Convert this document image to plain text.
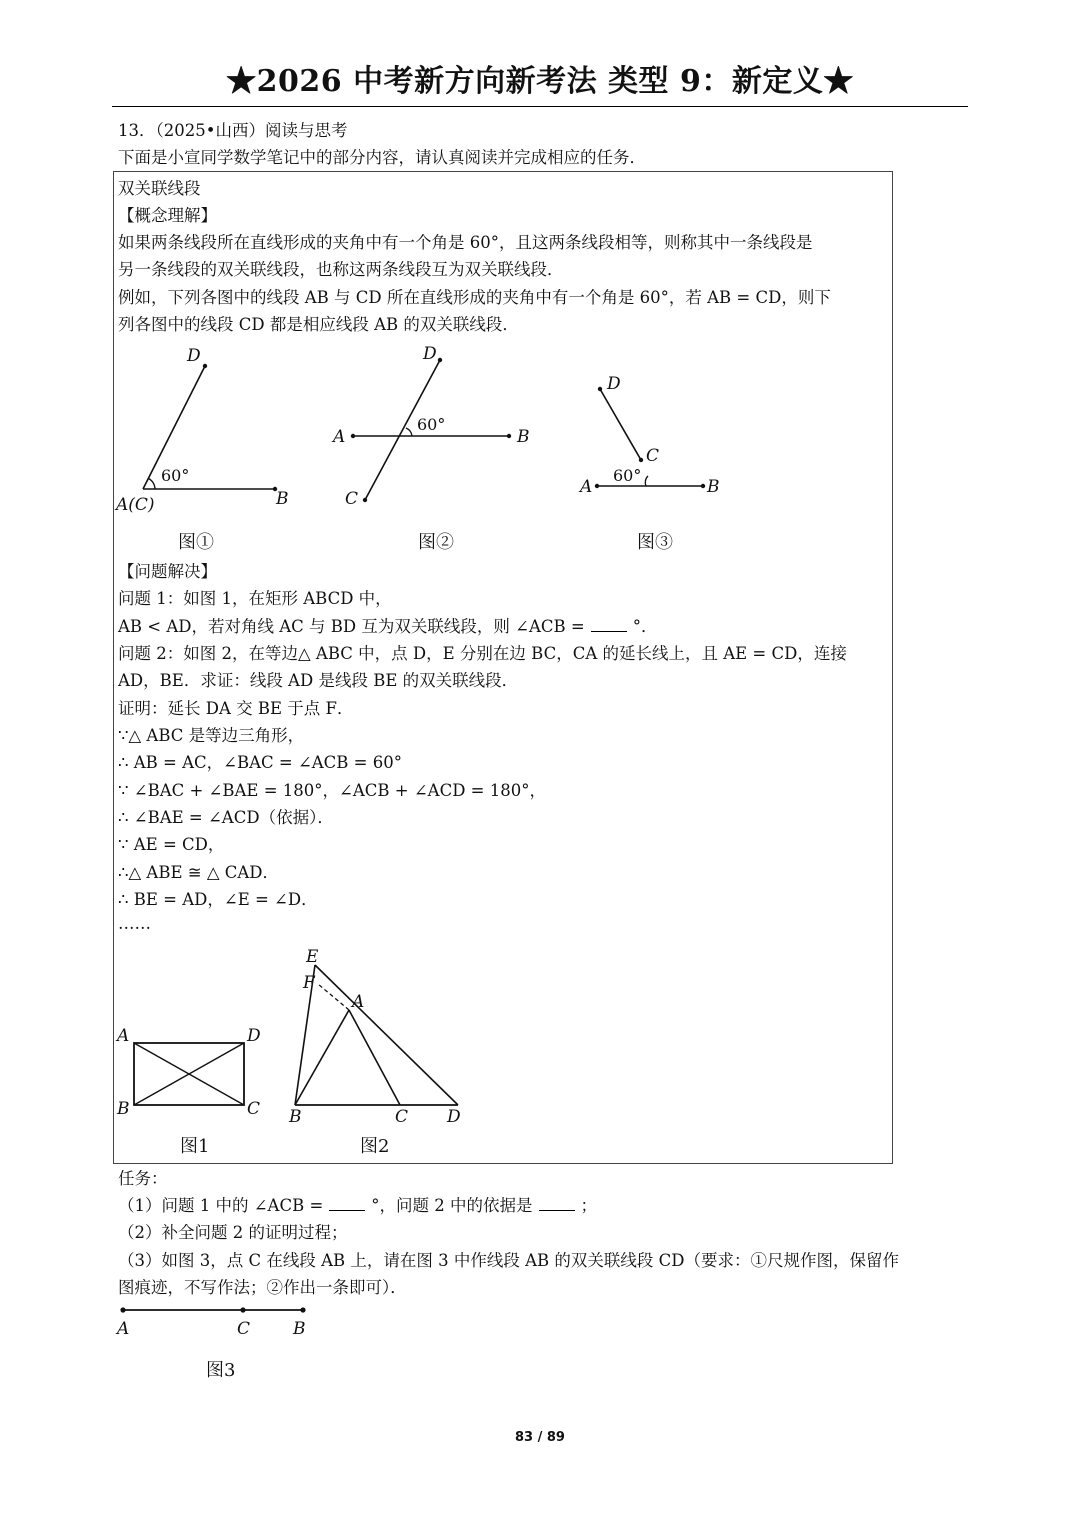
★2026 中考新方向新考法 类型 9：新定义★
13．（2025•山西）阅读与思考
下面是小宣同学数学笔记中的部分内容，请认真阅读并完成相应的任务．
双关联线段
【概念理解】
如果两条线段所在直线形成的夹角中有一个角是 60°，且这两条线段相等，则称其中一条线段是
另一条线段的双关联线段，也称这两条线段互为双关联线段．
例如，下列各图中的线段 AB 与 CD 所在直线形成的夹角中有一个角是 60°，若 AB = CD，则下
列各图中的线段 CD 都是相应线段 AB 的双关联线段．
D
60°
A(C)	B
D
60°
A	B
C
D
C
60°
A	B
图①	图②	图③
【问题解决】
问题 1：如图 1，在矩形 ABCD 中，
AB < AD，若对角线 AC 与 BD 互为双关联线段，则 ∠ACB =	°．
问题 2：如图 2，在等边△ ABC 中，点 D，E 分别在边 BC，CA 的延长线上，且 AE = CD，连接
AD，BE．求证：线段 AD 是线段 BE 的双关联线段．
证明：延长 DA 交 BE 于点 F．
∵△ ABC 是等边三角形，
∴ AB = AC，∠BAC = ∠ACB = 60°
∵ ∠BAC + ∠BAE = 180°，∠ACB + ∠ACD = 180°，
∴ ∠BAE = ∠ACD（依据）．
∵ AE = CD，
∴△ ABE ≅ △ CAD．
∴ BE = AD，∠E = ∠D．
……
A	D
B	C
E
F
A
B	C D
图1	图2
任务：
（1）问题 1 中的 ∠ACB =	°，问题 2 中的依据是	；
（2）补全问题 2 的证明过程；
（3）如图 3，点 C 在线段 AB 上，请在图 3 中作线段 AB 的双关联线段 CD（要求：①尺规作图，保留作
图痕迹，不写作法；②作出一条即可）．
A	C	B
图3
83 / 89
